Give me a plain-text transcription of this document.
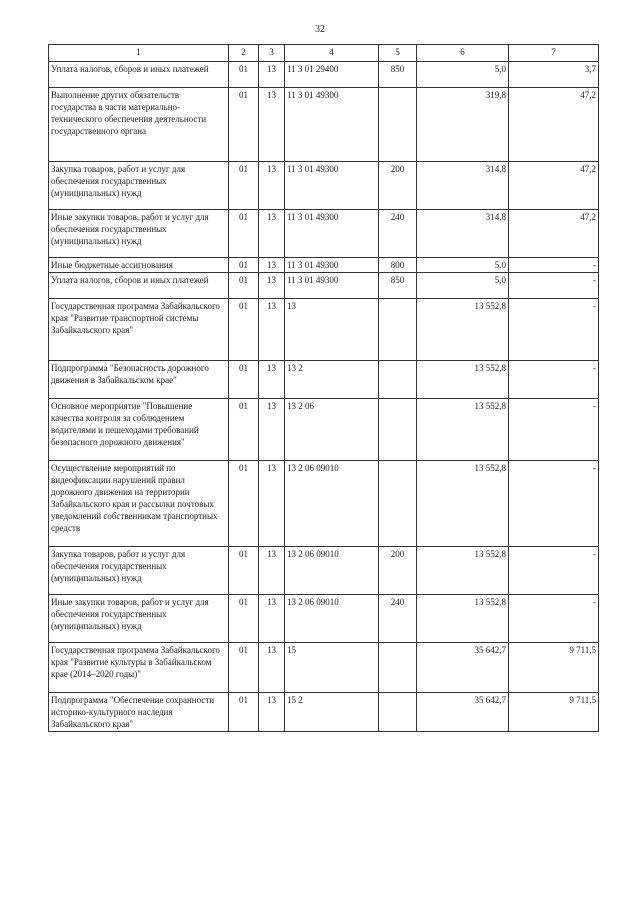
32
1	2	3	4	5	6	7
Уплата налогов, сборов и иных платежей	01	13	11 3 01 29400	850	5,0	3,7
Выполнение других обязательств государства в части материально-технического обеспечения деятельности государственного органа	01	13	11 3 01 49300		319,8	47,2
Закупка товаров, работ и услуг для обеспечения государственных (муниципальных) нужд	01	13	11 3 01 49300	200	314,8	47,2
Иные закупки товаров, работ и услуг для обеспечения государственных (муниципальных) нужд	01	13	11 3 01 49300	240	314,8	47,2
Иные бюджетные ассигнования	01	13	11 3 01 49300	800	5,0	-
Уплата налогов, сборов и иных платежей	01	13	11 3 01 49300	850	5,0	-
Государственная программа Забайкальского края "Развитие транспортной системы Забайкальского края"	01	13	13		13 552,8	-
Подпрограмма "Безопасность дорожного движения в Забайкальском крае"	01	13	13 2		13 552,8	-
Основное мероприятие "Повышение качества контроля за соблюдением водителями и пешеходами требований безопасного дорожного движения"	01	13	13 2 06		13 552,8	-
Осуществление мероприятий по видеофиксации нарушений правил дорожного движения на территории Забайкальского края и рассылки почтовых уведомлений собственникам транспортных средств	01	13	13 2 06 09010		13 552,8	-
Закупка товаров, работ и услуг для обеспечения государственных (муниципальных) нужд	01	13	13 2 06 09010	200	13 552,8	-
Иные закупки товаров, работ и услуг для обеспечения государственных (муниципальных) нужд	01	13	13 2 06 09010	240	13 552,8	-
Государственная программа Забайкальского края "Развитие культуры в Забайкальском крае (2014–2020 годы)"	01	13	15		35 642,7	9 711,5
Подпрограмма "Обеспечение сохранности историко-культурного наследия Забайкальского края"	01	13	15 2		35 642,7	9 711,5
